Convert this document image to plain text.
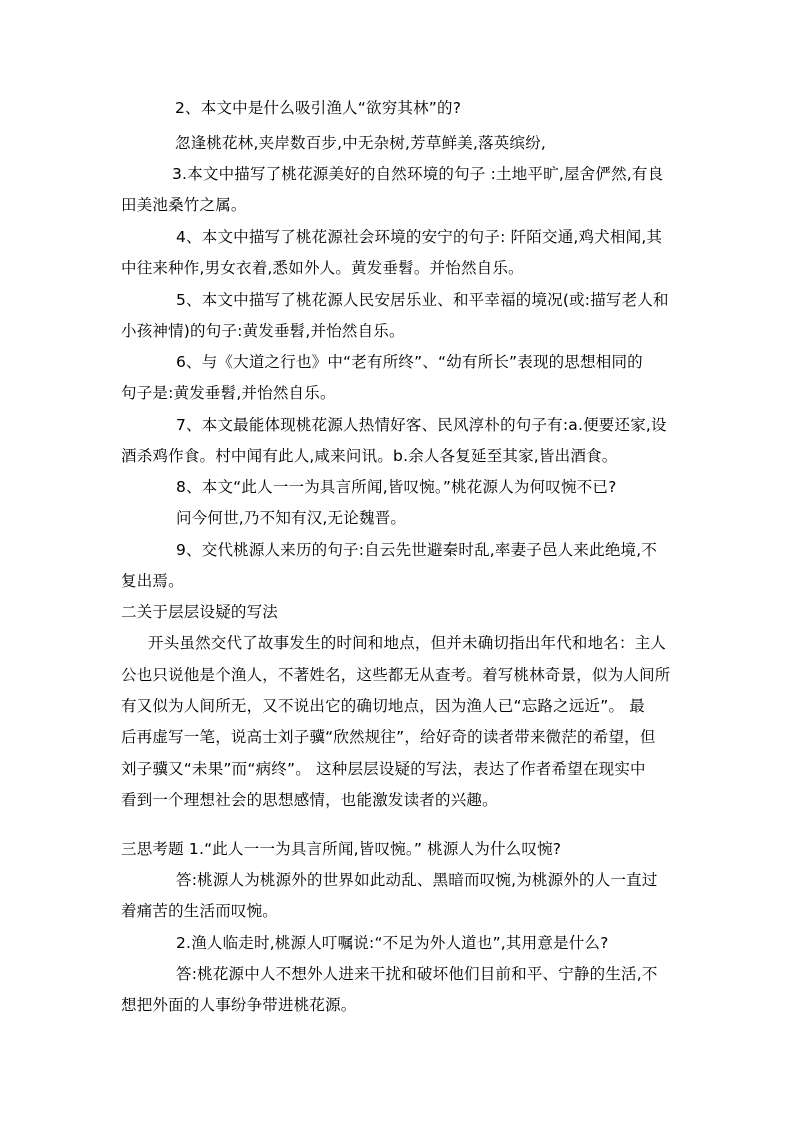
2、本文中是什么吸引渔人“欲穷其林”的?
忽逢桃花林,夹岸数百步,中无杂树,芳草鲜美,落英缤纷,
3.本文中描写了桃花源美好的自然环境的句子 :土地平旷,屋舍俨然,有良
田美池桑竹之属。
4、本文中描写了桃花源社会环境的安宁的句子: 阡陌交通,鸡犬相闻,其
中往来种作,男女衣着,悉如外人。黄发垂髫。并怡然自乐。
5、本文中描写了桃花源人民安居乐业、和平幸福的境况(或:描写老人和
小孩神情)的句子:黄发垂髫,并怡然自乐。
6、与《大道之行也》中“老有所终”、“幼有所长”表现的思想相同的
句子是:黄发垂髫,并怡然自乐。
7、本文最能体现桃花源人热情好客、民风淳朴的句子有:a.便要还家,设
酒杀鸡作食。村中闻有此人,咸来问讯。b.余人各复延至其家,皆出酒食。
8、本文“此人一一为具言所闻,皆叹惋。”桃花源人为何叹惋不已?
问今何世,乃不知有汉,无论魏晋。
9、交代桃源人来历的句子:自云先世避秦时乱,率妻子邑人来此绝境,不
复出焉。
二关于层层设疑的写法
开头虽然交代了故事发生的时间和地点，但并未确切指出年代和地名：主人
公也只说他是个渔人，不著姓名，这些都无从查考。着写桃林奇景，似为人间所
有又似为人间所无，又不说出它的确切地点，因为渔人已“忘路之远近”。 最
后再虚写一笔，说高士刘子骥“欣然规往”，给好奇的读者带来微茫的希望，但
刘子骥又“未果”而“病终”。 这种层层设疑的写法，表达了作者希望在现实中
看到一个理想社会的思想感情，也能激发读者的兴趣。
三思考题 1.“此人一一为具言所闻,皆叹惋。” 桃源人为什么叹惋?
答:桃源人为桃源外的世界如此动乱、黑暗而叹惋,为桃源外的人一直过
着痛苦的生活而叹惋。
2.渔人临走时,桃源人叮嘱说:“不足为外人道也”,其用意是什么?
答:桃花源中人不想外人进来干扰和破坏他们目前和平、宁静的生活,不
想把外面的人事纷争带进桃花源。
